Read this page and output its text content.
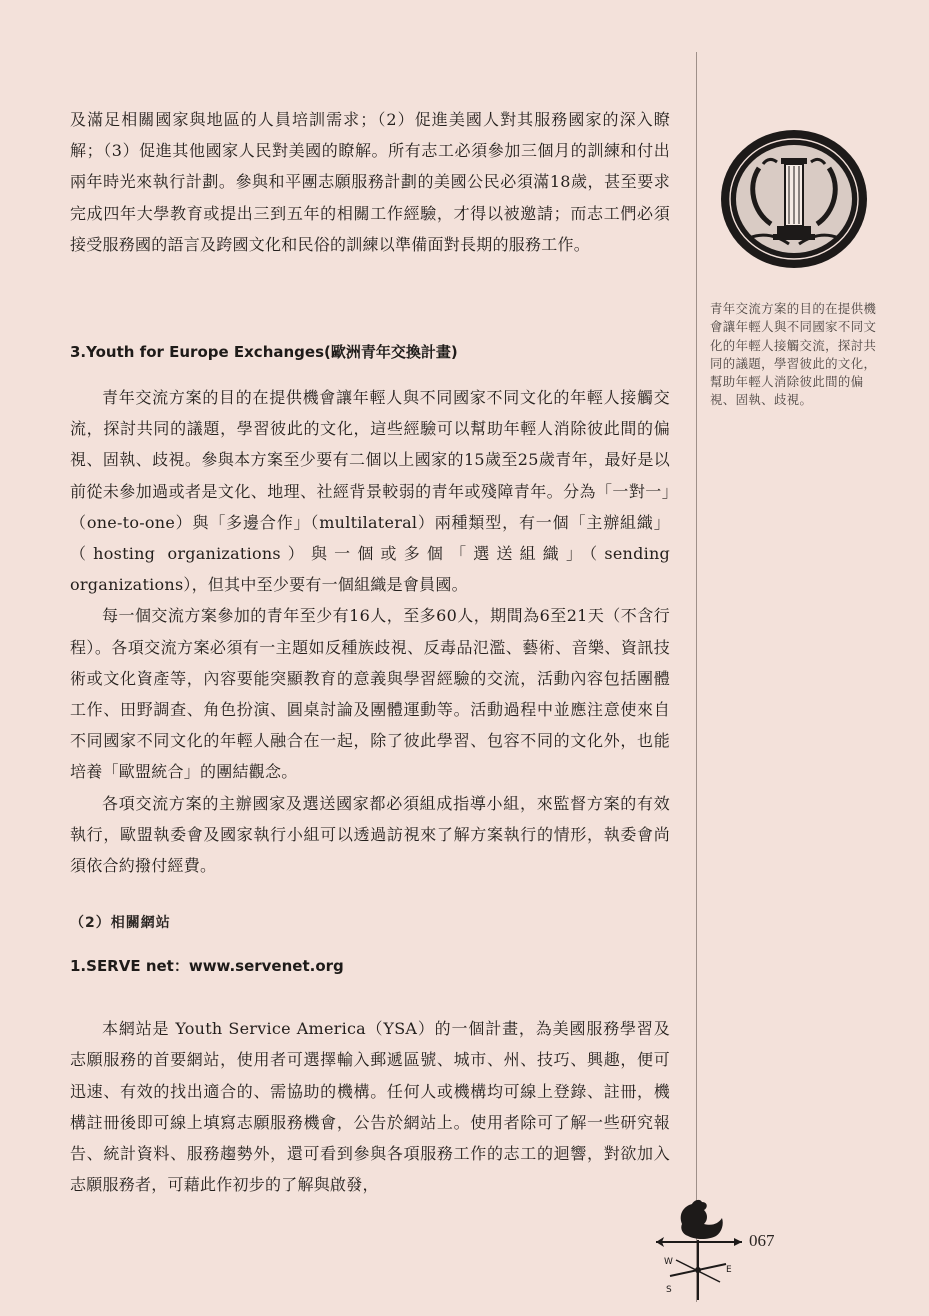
及滿足相關國家與地區的人員培訓需求；（2）促進美國人對其服務國家的深入瞭解；（3）促進其他國家人民對美國的瞭解。所有志工必須參加三個月的訓練和付出兩年時光來執行計劃。參與和平團志願服務計劃的美國公民必須滿18歲，甚至要求完成四年大學教育或提出三到五年的相關工作經驗，才得以被邀請；而志工們必須接受服務國的語言及跨國文化和民俗的訓練以準備面對長期的服務工作。

3.Youth for Europe Exchanges(歐洲青年交換計畫)

青年交流方案的目的在提供機會讓年輕人與不同國家不同文化的年輕人接觸交流，探討共同的議題，學習彼此的文化，這些經驗可以幫助年輕人消除彼此間的偏視、固執、歧視。參與本方案至少要有二個以上國家的15歲至25歲青年，最好是以前從未參加過或者是文化、地理、社經背景較弱的青年或殘障青年。分為「一對一」（one-to-one）與「多邊合作」（multilateral）兩種類型，有一個「主辦組織」（hosting organizations）與一個或多個「選送組織」（sending organizations），但其中至少要有一個組織是會員國。

每一個交流方案參加的青年至少有16人，至多60人，期間為6至21天（不含行程）。各項交流方案必須有一主題如反種族歧視、反毒品氾濫、藝術、音樂、資訊技術或文化資產等，內容要能突顯教育的意義與學習經驗的交流，活動內容包括團體工作、田野調查、角色扮演、圓桌討論及團體運動等。活動過程中並應注意使來自不同國家不同文化的年輕人融合在一起，除了彼此學習、包容不同的文化外，也能培養「歐盟統合」的團結觀念。

各項交流方案的主辦國家及選送國家都必須組成指導小組，來監督方案的有效執行，歐盟執委會及國家執行小組可以透過訪視來了解方案執行的情形，執委會尚須依合約撥付經費。

（2）相關網站
1.SERVE net：www.servenet.org

本網站是 Youth Service America（YSA）的一個計畫，為美國服務學習及志願服務的首要網站，使用者可選擇輸入郵遞區號、城市、州、技巧、興趣，便可迅速、有效的找出適合的、需協助的機構。任何人或機構均可線上登錄、註冊，機構註冊後即可線上填寫志願服務機會，公告於網站上。使用者除可了解一些研究報告、統計資料、服務趨勢外，還可看到參與各項服務工作的志工的迴響，對欲加入志願服務者，可藉此作初步的了解與啟發，

青年交流方案的目的在提供機會讓年輕人與不同國家不同文化的年輕人接觸交流，探討共同的議題，學習彼此的文化，幫助年輕人消除彼此間的偏視、固執、歧視。
W
E
S
067
